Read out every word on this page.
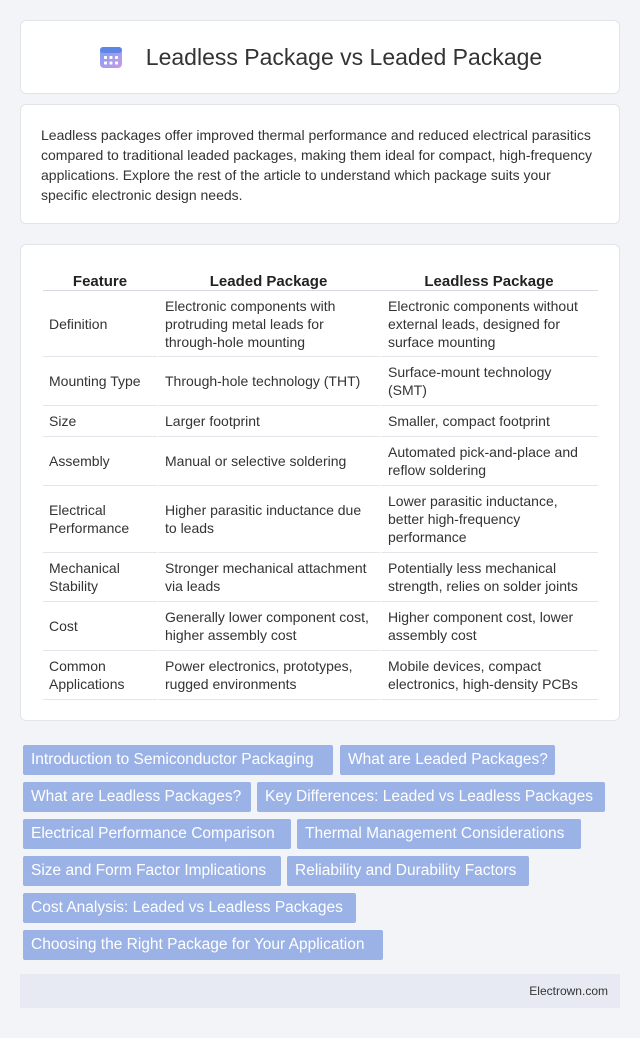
Leadless Package vs Leaded Package

Leadless packages offer improved thermal performance and reduced electrical parasitics compared to traditional leaded packages, making them ideal for compact, high-frequency applications. Explore the rest of the article to understand which package suits your specific electronic design needs.

Feature	Leaded Package	Leadless Package
Definition	Electronic components with protruding metal leads for through-hole mounting	Electronic components without external leads, designed for surface mounting
Mounting Type	Through-hole technology (THT)	Surface-mount technology (SMT)
Size	Larger footprint	Smaller, compact footprint
Assembly	Manual or selective soldering	Automated pick-and-place and reflow soldering
Electrical Performance	Higher parasitic inductance due to leads	Lower parasitic inductance, better high-frequency performance
Mechanical Stability	Stronger mechanical attachment via leads	Potentially less mechanical strength, relies on solder joints
Cost	Generally lower component cost, higher assembly cost	Higher component cost, lower assembly cost
Common Applications	Power electronics, prototypes, rugged environments	Mobile devices, compact electronics, high-density PCBs
Introduction to Semiconductor Packaging	What are Leaded Packages?
What are Leadless Packages?	Key Differences: Leaded vs Leadless Packages
Electrical Performance Comparison	Thermal Management Considerations
Size and Form Factor Implications	Reliability and Durability Factors
Cost Analysis: Leaded vs Leadless Packages
Choosing the Right Package for Your Application
Electrown.com
